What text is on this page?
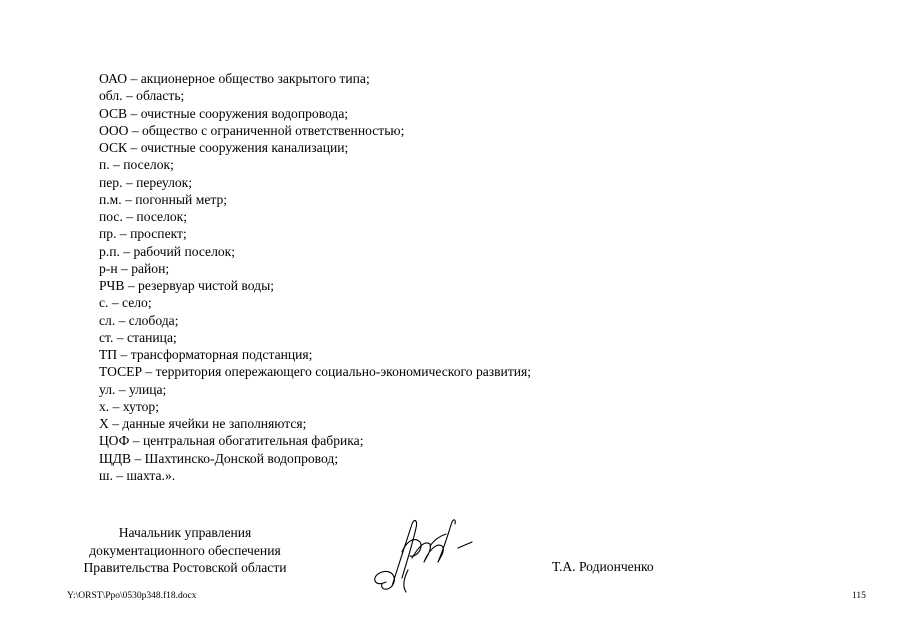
ОАО – акционерное общество закрытого типа;
обл. – область;
ОСВ – очистные сооружения водопровода;
ООО – общество с ограниченной ответственностью;
ОСК – очистные сооружения канализации;
п. – поселок;
пер. – переулок;
п.м. – погонный метр;
пос. – поселок;
пр. – проспект;
р.п. – рабочий поселок;
р-н – район;
РЧВ – резервуар чистой воды;
с. – село;
сл. – слобода;
ст. – станица;
ТП – трансформаторная подстанция;
ТОСЕР – территория опережающего социально-экономического развития;
ул. – улица;
х. – хутор;
Х – данные ячейки не заполняются;
ЦОФ – центральная обогатительная фабрика;
ЩДВ – Шахтинско-Донской водопровод;
ш. – шахта.».
Начальник управления
документационного обеспечения
Правительства Ростовской области	Т.А. Родионченко
Y:\ORST\Ppo\0530p348.f18.docx	115
